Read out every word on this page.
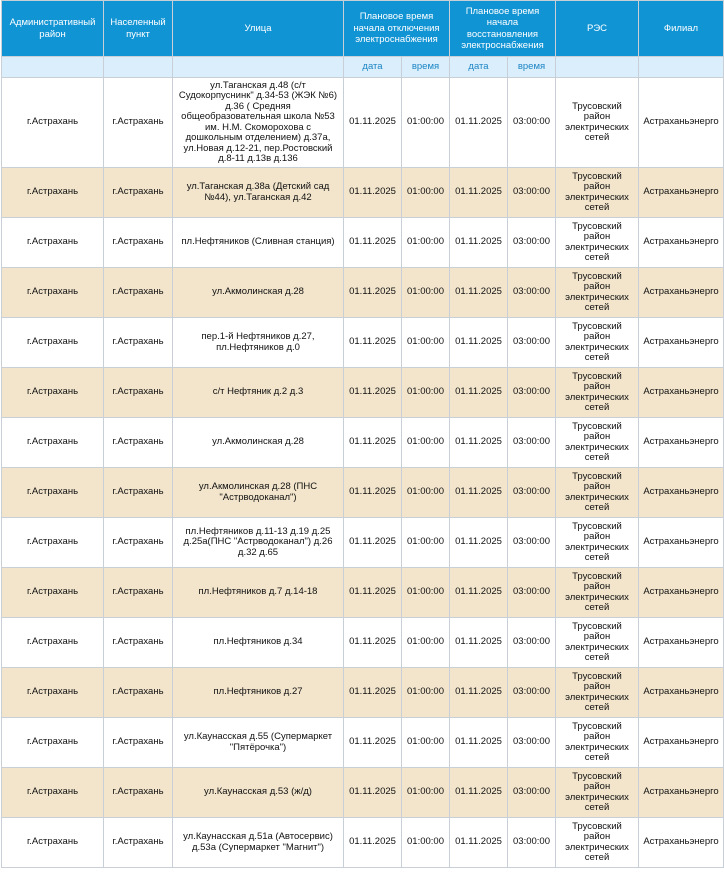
Административный район	Населенный пункт	Улица	Плановое время начала отключения электроснабжения		Плановое время начала восстановления электроснабжения		РЭС	Филиал
			дата	время	дата	время		
г.Астрахань	г.Астрахань	ул.Таганская д.48 (с/т Судокорпуснинк" д.34-53 (ЖЭК №6) д.36 ( Средняя общеобразовательная школа №53 им. Н.М. Скоморохова с дошкольным отделением) д.37а, ул.Новая д.12-21, пер.Ростовский д.8-11 д.13в д.136	01.11.2025	01:00:00	01.11.2025	03:00:00	Трусовский район электрических сетей	Астраханьэнерго
г.Астрахань	г.Астрахань	ул.Таганская д.38а (Детский сад №44), ул.Таганская д.42	01.11.2025	01:00:00	01.11.2025	03:00:00	Трусовский район электрических сетей	Астраханьэнерго
г.Астрахань	г.Астрахань	пл.Нефтяников (Сливная станция)	01.11.2025	01:00:00	01.11.2025	03:00:00	Трусовский район электрических сетей	Астраханьэнерго
г.Астрахань	г.Астрахань	ул.Акмолинская д.28	01.11.2025	01:00:00	01.11.2025	03:00:00	Трусовский район электрических сетей	Астраханьэнерго
г.Астрахань	г.Астрахань	пер.1-й Нефтяников д.27, пл.Нефтяников д.0	01.11.2025	01:00:00	01.11.2025	03:00:00	Трусовский район электрических сетей	Астраханьэнерго
г.Астрахань	г.Астрахань	с/т Нефтяник д.2 д.3	01.11.2025	01:00:00	01.11.2025	03:00:00	Трусовский район электрических сетей	Астраханьэнерго
г.Астрахань	г.Астрахань	ул.Акмолинская д.28	01.11.2025	01:00:00	01.11.2025	03:00:00	Трусовский район электрических сетей	Астраханьэнерго
г.Астрахань	г.Астрахань	ул.Акмолинская д.28 (ПНС "Астрводоканал")	01.11.2025	01:00:00	01.11.2025	03:00:00	Трусовский район электрических сетей	Астраханьэнерго
г.Астрахань	г.Астрахань	пл.Нефтяников д.11-13 д.19 д.25 д.25а(ПНС "Астрводоканал") д.26 д.32 д.65	01.11.2025	01:00:00	01.11.2025	03:00:00	Трусовский район электрических сетей	Астраханьэнерго
г.Астрахань	г.Астрахань	пл.Нефтяников д.7 д.14-18	01.11.2025	01:00:00	01.11.2025	03:00:00	Трусовский район электрических сетей	Астраханьэнерго
г.Астрахань	г.Астрахань	пл.Нефтяников д.34	01.11.2025	01:00:00	01.11.2025	03:00:00	Трусовский район электрических сетей	Астраханьэнерго
г.Астрахань	г.Астрахань	пл.Нефтяников д.27	01.11.2025	01:00:00	01.11.2025	03:00:00	Трусовский район электрических сетей	Астраханьэнерго
г.Астрахань	г.Астрахань	ул.Каунасская д.55 (Супермаркет "Пятёрочка")	01.11.2025	01:00:00	01.11.2025	03:00:00	Трусовский район электрических сетей	Астраханьэнерго
г.Астрахань	г.Астрахань	ул.Каунасская д.53 (ж/д)	01.11.2025	01:00:00	01.11.2025	03:00:00	Трусовский район электрических сетей	Астраханьэнерго
г.Астрахань	г.Астрахань	ул.Каунасская д.51а (Автосервис) д.53а (Супермаркет "Магнит")	01.11.2025	01:00:00	01.11.2025	03:00:00	Трусовский район электрических сетей	Астраханьэнерго
